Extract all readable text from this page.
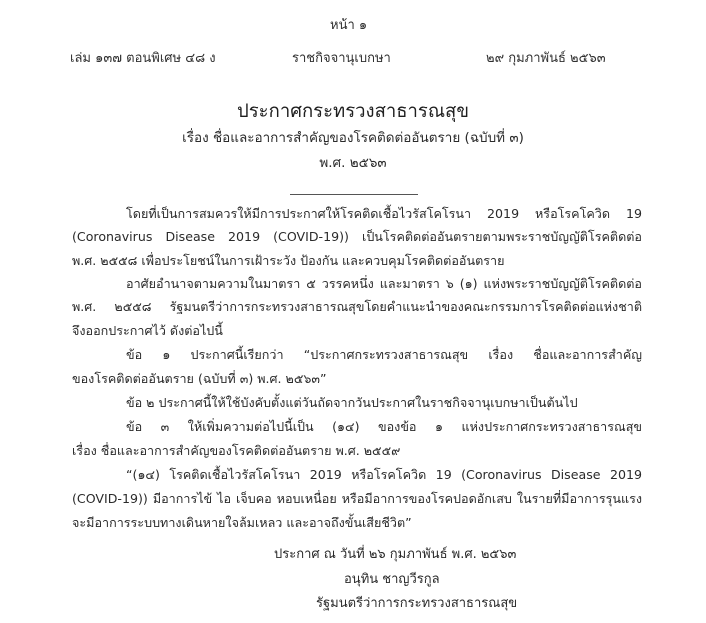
หน้า ๑
เล่ม ๑๓๗ ตอนพิเศษ ๔๘ ง	ราชกิจจานุเบกษา	๒๙ กุมภาพันธ์ ๒๕๖๓
ประกาศกระทรวงสาธารณสุข
เรื่อง ชื่อและอาการสำคัญของโรคติดต่ออันตราย (ฉบับที่ ๓)
พ.ศ. ๒๕๖๓
โดยที่เป็นการสมควรให้มีการประกาศให้โรคติดเชื้อไวรัสโคโรนา 2019 หรือโรคโควิด 19
(Coronavirus Disease 2019 (COVID-19)) เป็นโรคติดต่ออันตรายตามพระราชบัญญัติโรคติดต่อ
พ.ศ. ๒๕๕๘ เพื่อประโยชน์ในการเฝ้าระวัง ป้องกัน และควบคุมโรคติดต่ออันตราย
อาศัยอำนาจตามความในมาตรา ๕ วรรคหนึ่ง และมาตรา ๖ (๑) แห่งพระราชบัญญัติโรคติดต่อ
พ.ศ. ๒๕๕๘ รัฐมนตรีว่าการกระทรวงสาธารณสุขโดยคำแนะนำของคณะกรรมการโรคติดต่อแห่งชาติ
จึงออกประกาศไว้ ดังต่อไปนี้
ข้อ ๑ ประกาศนี้เรียกว่า “ประกาศกระทรวงสาธารณสุข เรื่อง ชื่อและอาการสำคัญ
ของโรคติดต่ออันตราย (ฉบับที่ ๓) พ.ศ. ๒๕๖๓”
ข้อ ๒ ประกาศนี้ให้ใช้บังคับตั้งแต่วันถัดจากวันประกาศในราชกิจจานุเบกษาเป็นต้นไป
ข้อ ๓ ให้เพิ่มความต่อไปนี้เป็น (๑๔) ของข้อ ๑ แห่งประกาศกระทรวงสาธารณสุข
เรื่อง ชื่อและอาการสำคัญของโรคติดต่ออันตราย พ.ศ. ๒๕๕๙
“(๑๔) โรคติดเชื้อไวรัสโคโรนา 2019 หรือโรคโควิด 19 (Coronavirus Disease 2019
(COVID-19)) มีอาการไข้ ไอ เจ็บคอ หอบเหนื่อย หรือมีอาการของโรคปอดอักเสบ ในรายที่มีอาการรุนแรง
จะมีอาการระบบทางเดินหายใจล้มเหลว และอาจถึงขั้นเสียชีวิต”
ประกาศ ณ วันที่ ๒๖ กุมภาพันธ์ พ.ศ. ๒๕๖๓
อนุทิน ชาญวีรกูล
รัฐมนตรีว่าการกระทรวงสาธารณสุข
